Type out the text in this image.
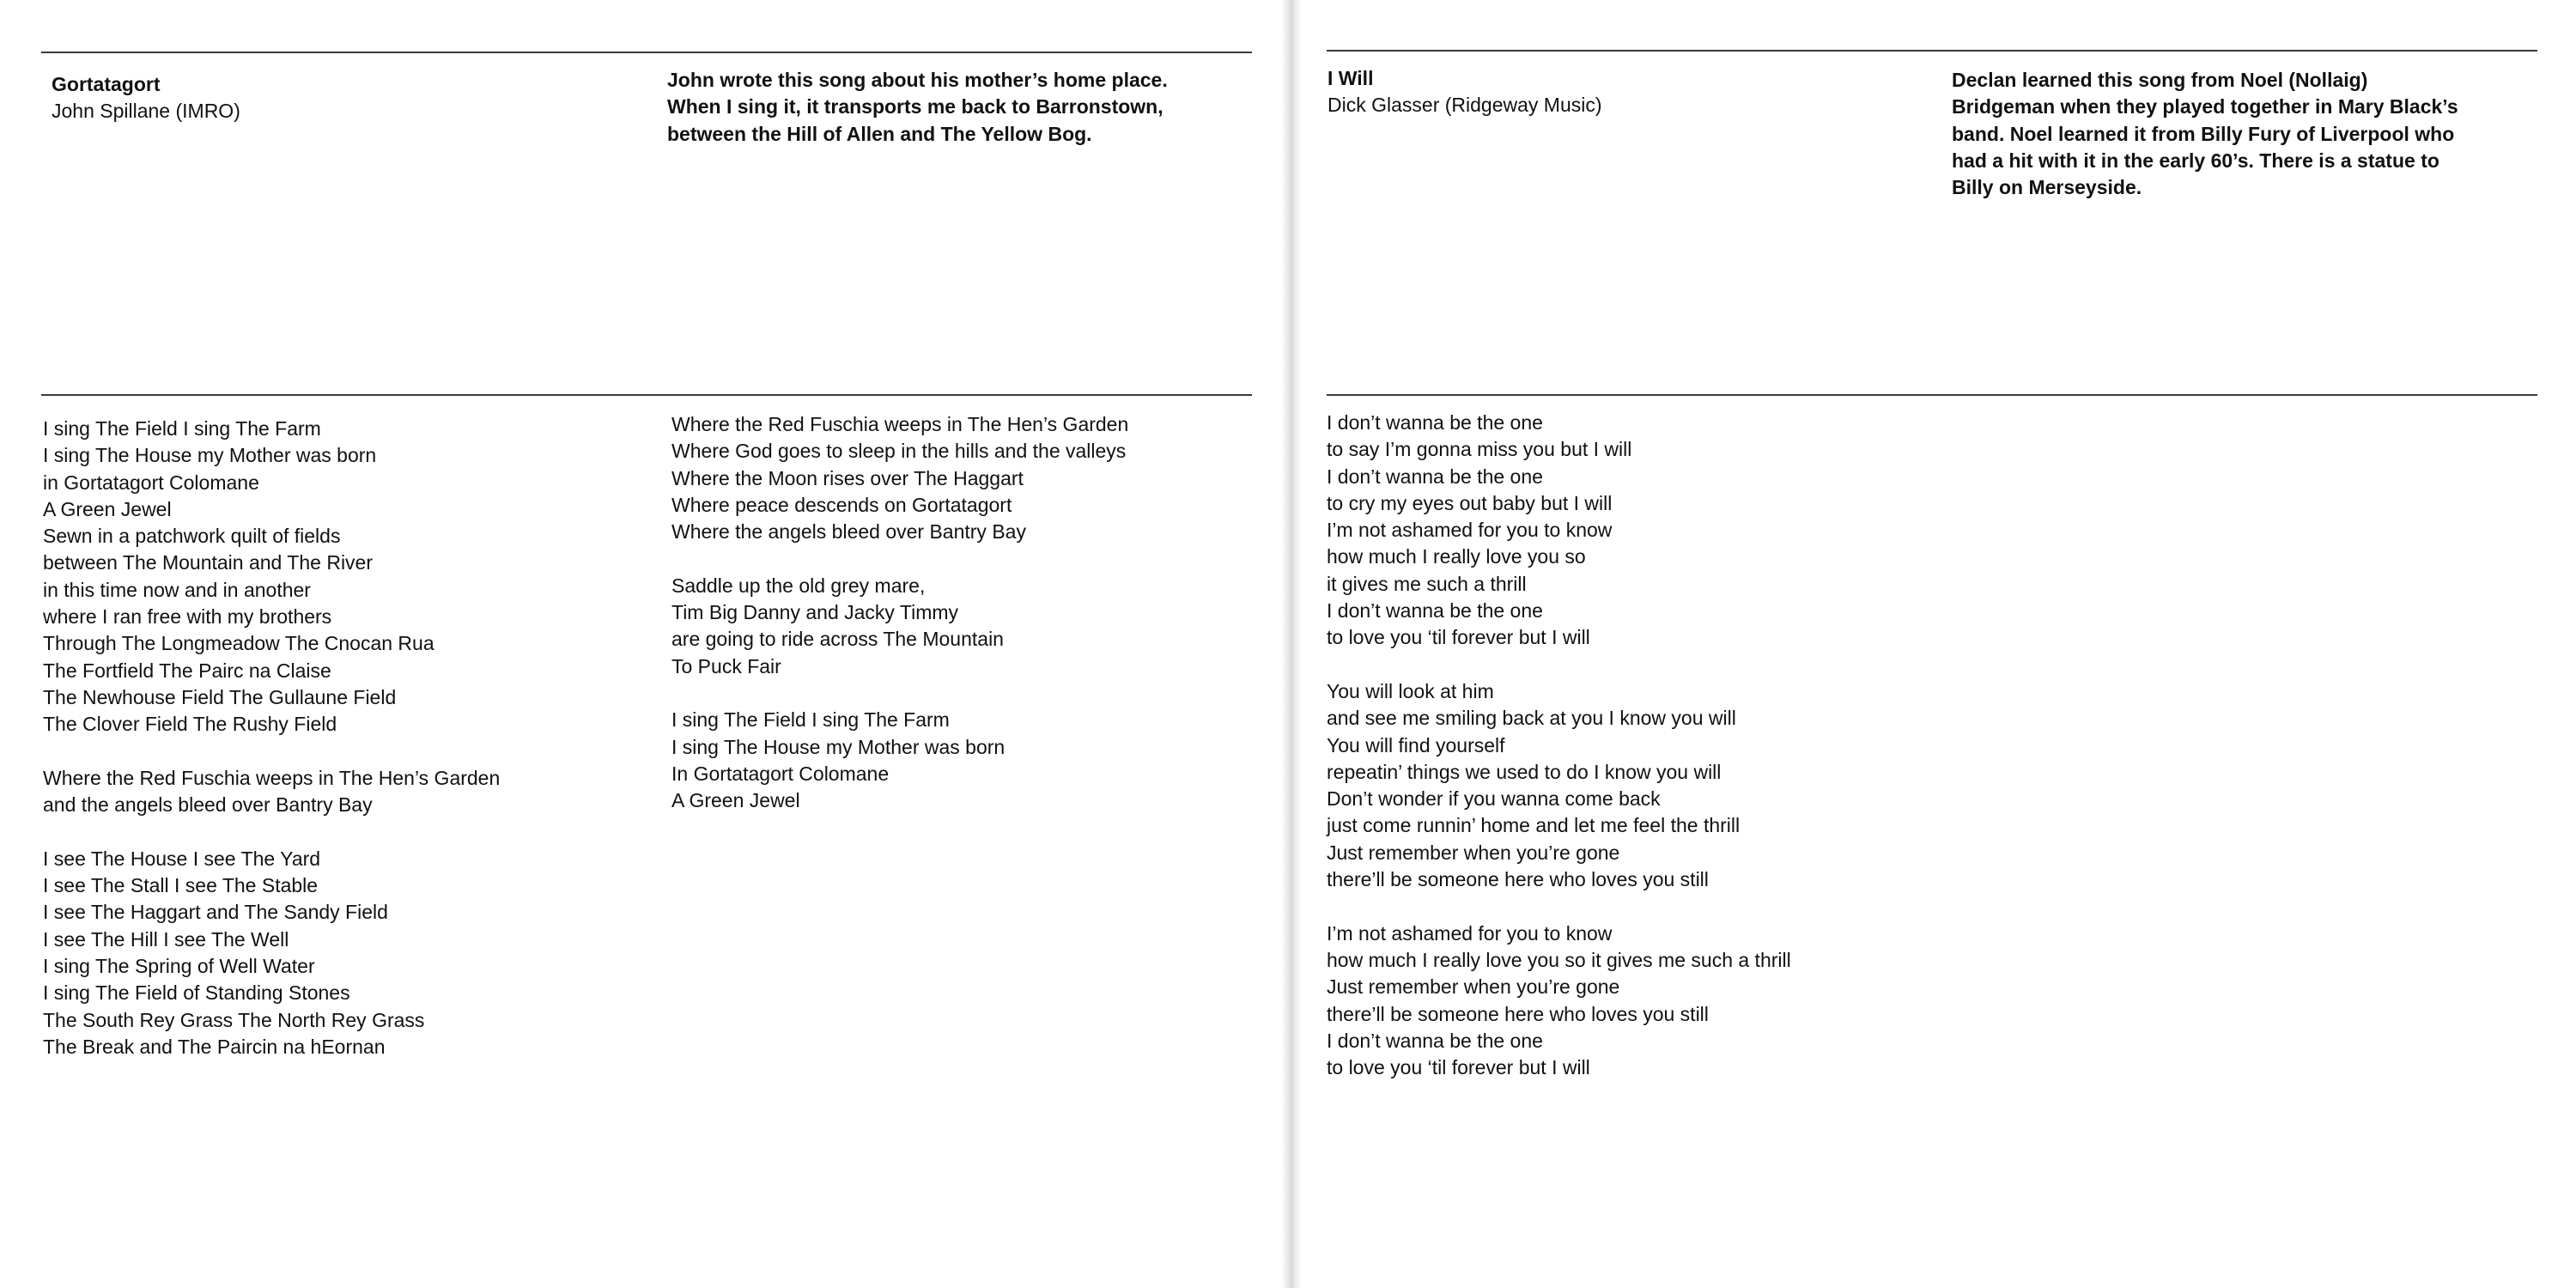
Gortatagort

John Spillane (IMRO)

John wrote this song about his mother’s home place.

When I sing it, it transports me back to Barronstown,

between the Hill of Allen and The Yellow Bog.

I sing The Field I sing The Farm

I sing The House my Mother was born

in Gortatagort Colomane

A Green Jewel

Sewn in a patchwork quilt of fields

between The Mountain and The River

in this time now and in another

where I ran free with my brothers

Through The Longmeadow The Cnocan Rua

The Fortfield The Pairc na Claise

The Newhouse Field The Gullaune Field

The Clover Field The Rushy Field

Where the Red Fuschia weeps in The Hen’s Garden

and the angels bleed over Bantry Bay

I see The House I see The Yard

I see The Stall I see The Stable

I see The Haggart and The Sandy Field

I see The Hill I see The Well

I sing The Spring of Well Water

I sing The Field of Standing Stones

The South Rey Grass The North Rey Grass

The Break and The Paircin na hEornan

Where the Red Fuschia weeps in The Hen’s Garden

Where God goes to sleep in the hills and the valleys

Where the Moon rises over The Haggart

Where peace descends on Gortatagort

Where the angels bleed over Bantry Bay

Saddle up the old grey mare,

Tim Big Danny and Jacky Timmy

are going to ride across The Mountain

To Puck Fair

I sing The Field I sing The Farm

I sing The House my Mother was born

In Gortatagort Colomane

A Green Jewel

I Will

Dick Glasser (Ridgeway Music)

Declan learned this song from Noel (Nollaig)

Bridgeman when they played together in Mary Black’s

band. Noel learned it from Billy Fury of Liverpool who

had a hit with it in the early 60’s. There is a statue to

Billy on Merseyside.

I don’t wanna be the one

to say I’m gonna miss you but I will

I don’t wanna be the one

to cry my eyes out baby but I will

I’m not ashamed for you to know

how much I really love you so

it gives me such a thrill

I don’t wanna be the one

to love you ‘til forever but I will

You will look at him

and see me smiling back at you I know you will

You will find yourself

repeatin’ things we used to do I know you will

Don’t wonder if you wanna come back

just come runnin’ home and let me feel the thrill

Just remember when you’re gone

there’ll be someone here who loves you still

I’m not ashamed for you to know

how much I really love you so it gives me such a thrill

Just remember when you’re gone

there’ll be someone here who loves you still

I don’t wanna be the one

to love you ‘til forever but I will
